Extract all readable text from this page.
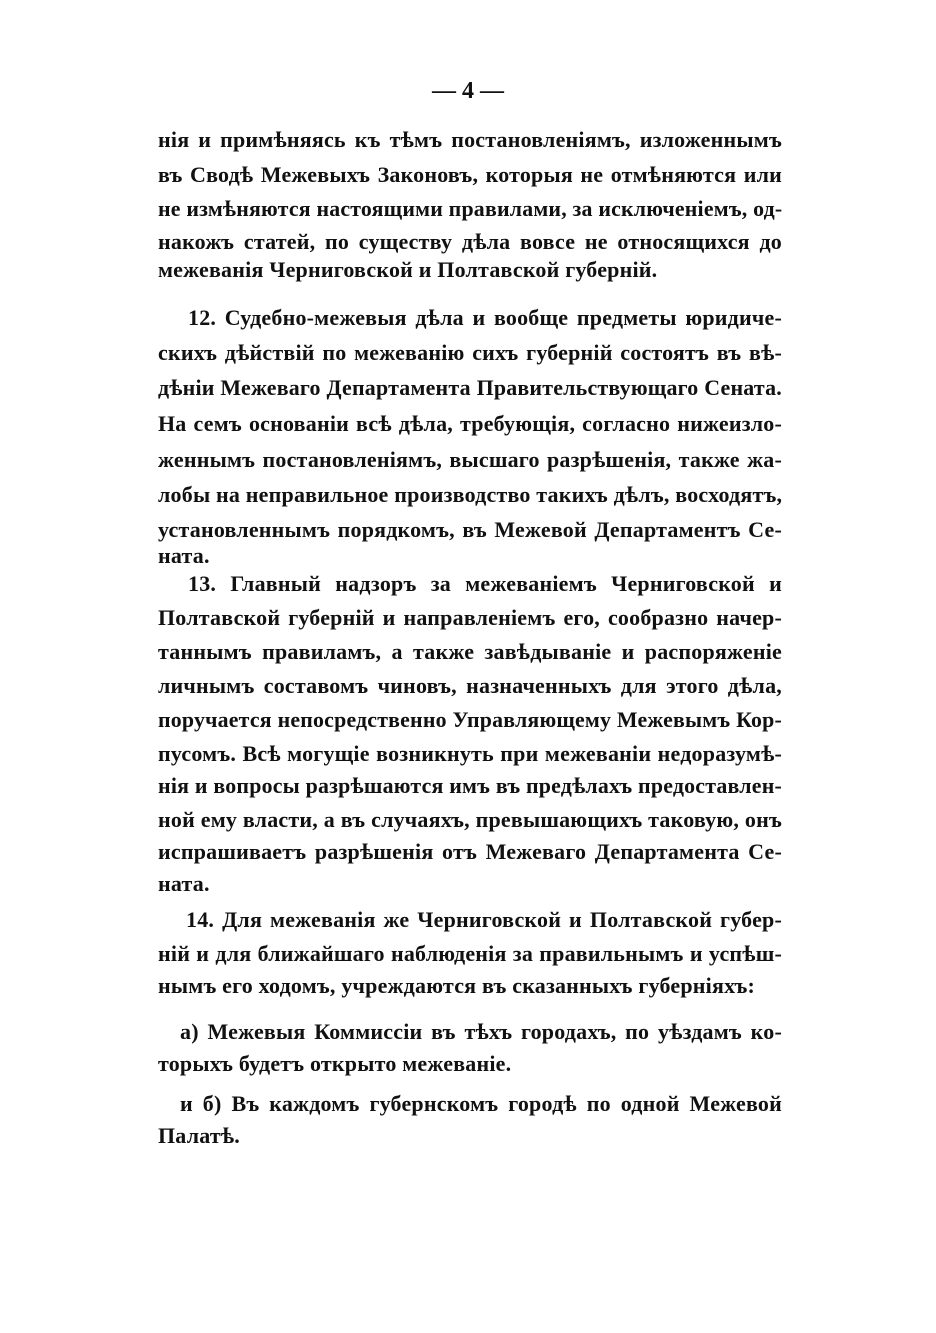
— 4 —
нія и примѣняясь къ тѣмъ постановленіямъ, изложеннымъ
въ Сводѣ Межевыхъ Законовъ, которыя не отмѣняются или
не измѣняются настоящими правилами, за исключеніемъ, од-
накожъ статей, по существу дѣла вовсе не относящихся до
межеванія Черниговской и Полтавской губерній.
12. Судебно-межевыя дѣла и вообще предметы юридиче-
скихъ дѣйствій по межеванію сихъ губерній состоятъ въ вѣ-
дѣніи Межеваго Департамента Правительствующаго Сената.
На семъ основаніи всѣ дѣла, требующія, согласно нижеизло-
женнымъ постановленіямъ, высшаго разрѣшенія, также жа-
лобы на неправильное производство такихъ дѣлъ, восходятъ,
установленнымъ порядкомъ, въ Межевой Департаментъ Се-
ната.
13. Главный надзоръ за межеваніемъ Черниговской и
Полтавской губерній и направленіемъ его, сообразно начер-
таннымъ правиламъ, а также завѣдываніе и распоряженіе
личнымъ составомъ чиновъ, назначенныхъ для этого дѣла,
поручается непосредственно Управляющему Межевымъ Кор-
пусомъ. Всѣ могущіе возникнуть при межеваніи недоразумѣ-
нія и вопросы разрѣшаются имъ въ предѣлахъ предоставлен-
ной ему власти, а въ случаяхъ, превышающихъ таковую, онъ
испрашиваетъ разрѣшенія отъ Межеваго Департамента Се-
ната.
14. Для межеванія же Черниговской и Полтавской губер-
ній и для ближайшаго наблюденія за правильнымъ и успѣш-
нымъ его ходомъ, учреждаются въ сказанныхъ губерніяхъ:
а) Межевыя Коммиссіи въ тѣхъ городахъ, по уѣздамъ ко-
торыхъ будетъ открыто межеваніе.
и б) Въ каждомъ губернскомъ городѣ по одной Межевой
Палатѣ.
